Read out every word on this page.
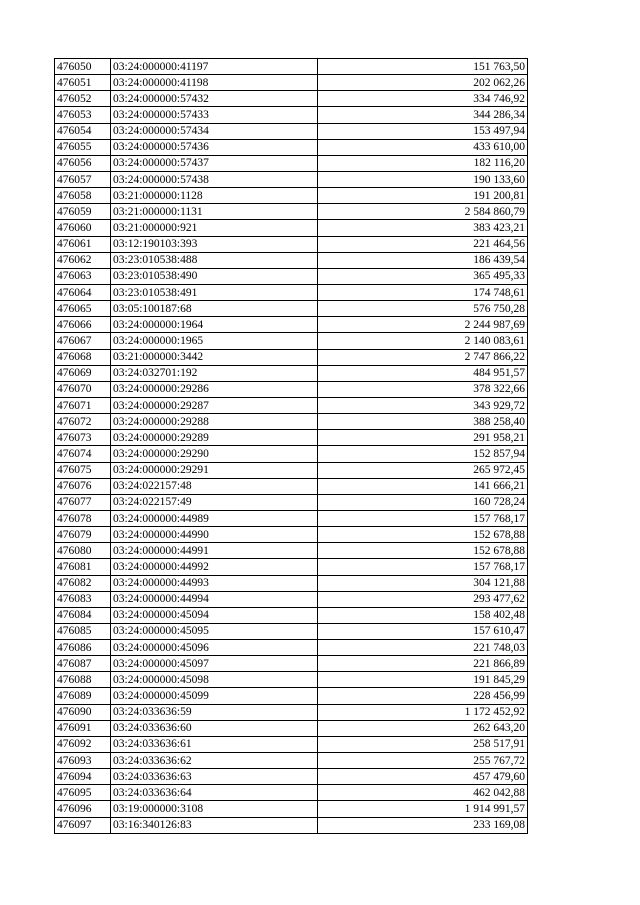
476050	03:24:000000:41197	151 763,50
476051	03:24:000000:41198	202 062,26
476052	03:24:000000:57432	334 746,92
476053	03:24:000000:57433	344 286,34
476054	03:24:000000:57434	153 497,94
476055	03:24:000000:57436	433 610,00
476056	03:24:000000:57437	182 116,20
476057	03:24:000000:57438	190 133,60
476058	03:21:000000:1128	191 200,81
476059	03:21:000000:1131	2 584 860,79
476060	03:21:000000:921	383 423,21
476061	03:12:190103:393	221 464,56
476062	03:23:010538:488	186 439,54
476063	03:23:010538:490	365 495,33
476064	03:23:010538:491	174 748,61
476065	03:05:100187:68	576 750,28
476066	03:24:000000:1964	2 244 987,69
476067	03:24:000000:1965	2 140 083,61
476068	03:21:000000:3442	2 747 866,22
476069	03:24:032701:192	484 951,57
476070	03:24:000000:29286	378 322,66
476071	03:24:000000:29287	343 929,72
476072	03:24:000000:29288	388 258,40
476073	03:24:000000:29289	291 958,21
476074	03:24:000000:29290	152 857,94
476075	03:24:000000:29291	265 972,45
476076	03:24:022157:48	141 666,21
476077	03:24:022157:49	160 728,24
476078	03:24:000000:44989	157 768,17
476079	03:24:000000:44990	152 678,88
476080	03:24:000000:44991	152 678,88
476081	03:24:000000:44992	157 768,17
476082	03:24:000000:44993	304 121,88
476083	03:24:000000:44994	293 477,62
476084	03:24:000000:45094	158 402,48
476085	03:24:000000:45095	157 610,47
476086	03:24:000000:45096	221 748,03
476087	03:24:000000:45097	221 866,89
476088	03:24:000000:45098	191 845,29
476089	03:24:000000:45099	228 456,99
476090	03:24:033636:59	1 172 452,92
476091	03:24:033636:60	262 643,20
476092	03:24:033636:61	258 517,91
476093	03:24:033636:62	255 767,72
476094	03:24:033636:63	457 479,60
476095	03:24:033636:64	462 042,88
476096	03:19:000000:3108	1 914 991,57
476097	03:16:340126:83	233 169,08
